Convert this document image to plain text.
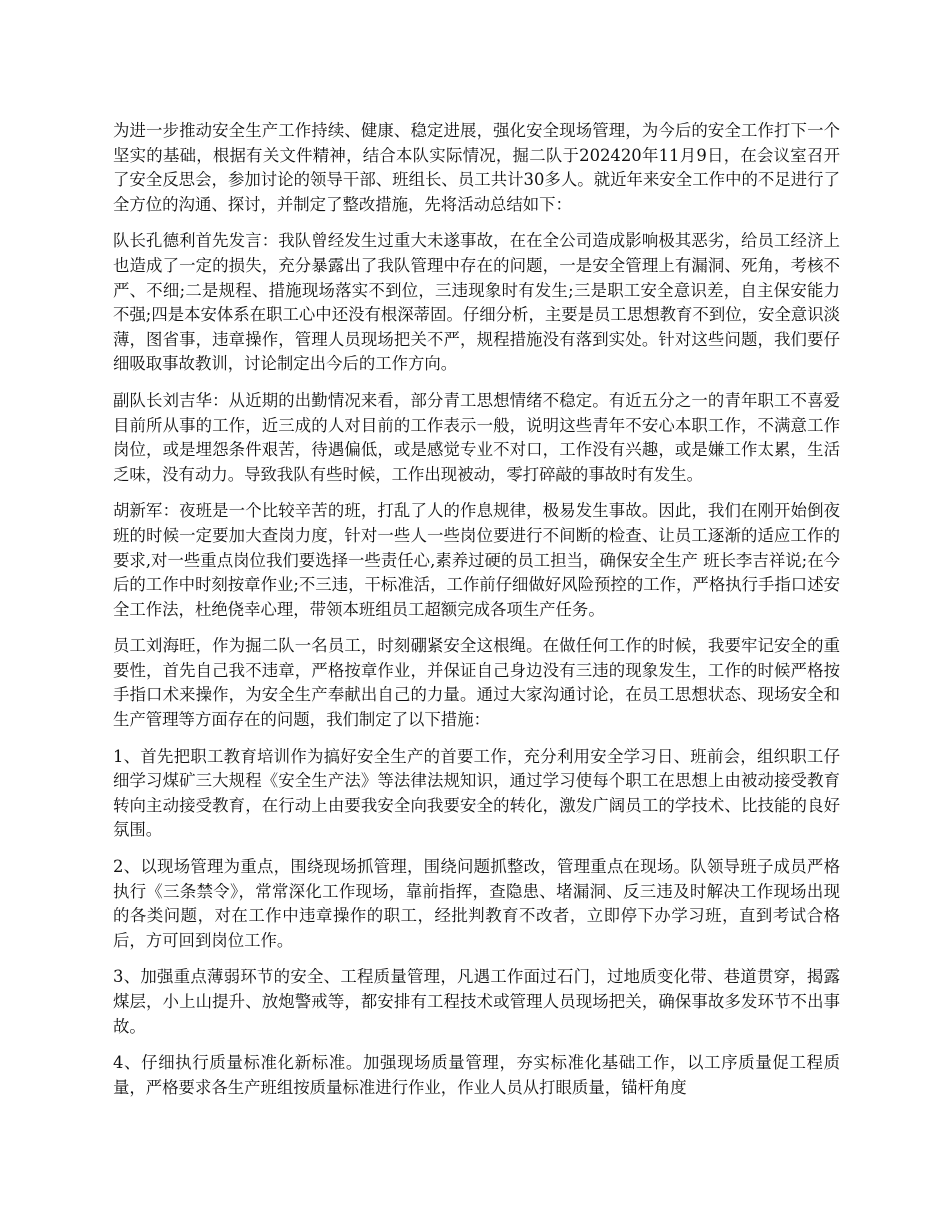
为进一步推动安全生产工作持续、健康、稳定进展，强化安全现场管理，为今后的安全工作打下一个坚实的基础，根据有关文件精神，结合本队实际情况，掘二队于202420年11月9日，在会议室召开了安全反思会，参加讨论的领导干部、班组长、员工共计30多人。就近年来安全工作中的不足进行了全方位的沟通、探讨，并制定了整改措施，先将活动总结如下：

队长孔德利首先发言：我队曾经发生过重大未遂事故，在在全公司造成影响极其恶劣，给员工经济上也造成了一定的损失，充分暴露出了我队管理中存在的问题，一是安全管理上有漏洞、死角，考核不严、不细;二是规程、措施现场落实不到位，三违现象时有发生;三是职工安全意识差，自主保安能力不强;四是本安体系在职工心中还没有根深蒂固。仔细分析，主要是员工思想教育不到位，安全意识淡薄，图省事，违章操作，管理人员现场把关不严，规程措施没有落到实处。针对这些问题，我们要仔细吸取事故教训，讨论制定出今后的工作方向。

副队长刘吉华：从近期的出勤情况来看，部分青工思想情绪不稳定。有近五分之一的青年职工不喜爱目前所从事的工作，近三成的人对目前的工作表示一般，说明这些青年不安心本职工作，不满意工作岗位，或是埋怨条件艰苦，待遇偏低，或是感觉专业不对口，工作没有兴趣，或是嫌工作太累，生活乏味，没有动力。导致我队有些时候，工作出现被动，零打碎敲的事故时有发生。

胡新军：夜班是一个比较辛苦的班，打乱了人的作息规律，极易发生事故。因此，我们在刚开始倒夜班的时候一定要加大查岗力度，针对一些人一些岗位要进行不间断的检查、让员工逐渐的适应工作的要求,对一些重点岗位我们要选择一些责任心,素养过硬的员工担当，确保安全生产 班长李吉祥说;在今后的工作中时刻按章作业;不三违，干标准活，工作前仔细做好风险预控的工作，严格执行手指口述安全工作法，杜绝侥幸心理，带领本班组员工超额完成各项生产任务。

员工刘海旺，作为掘二队一名员工，时刻硼紧安全这根绳。在做任何工作的时候，我要牢记安全的重要性，首先自己我不违章，严格按章作业，并保证自己身边没有三违的现象发生，工作的时候严格按手指口术来操作，为安全生产奉献出自己的力量。通过大家沟通讨论，在员工思想状态、现场安全和生产管理等方面存在的问题，我们制定了以下措施：

1、首先把职工教育培训作为搞好安全生产的首要工作，充分利用安全学习日、班前会，组织职工仔细学习煤矿三大规程《安全生产法》等法律法规知识，通过学习使每个职工在思想上由被动接受教育转向主动接受教育，在行动上由要我安全向我要安全的转化，激发广阔员工的学技术、比技能的良好氛围。

2、以现场管理为重点，围绕现场抓管理，围绕问题抓整改，管理重点在现场。队领导班子成员严格执行《三条禁令》，常常深化工作现场，靠前指挥，查隐患、堵漏洞、反三违及时解决工作现场出现的各类问题，对在工作中违章操作的职工，经批判教育不改者，立即停下办学习班，直到考试合格后，方可回到岗位工作。

3、加强重点薄弱环节的安全、工程质量管理，凡遇工作面过石门，过地质变化带、巷道贯穿，揭露煤层，小上山提升、放炮警戒等，都安排有工程技术或管理人员现场把关，确保事故多发环节不出事故。

4、仔细执行质量标准化新标准。加强现场质量管理，夯实标准化基础工作，以工序质量促工程质量，严格要求各生产班组按质量标准进行作业，作业人员从打眼质量，锚杆角度
